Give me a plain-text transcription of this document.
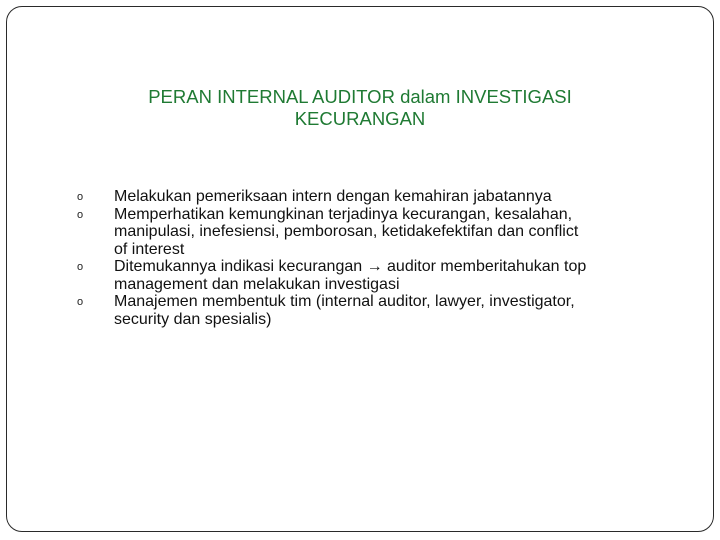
PERAN INTERNAL AUDITOR dalam INVESTIGASI
KECURANGAN
o Melakukan pemeriksaan intern dengan kemahiran jabatannya
o Memperhatikan kemungkinan terjadinya kecurangan, kesalahan,
manipulasi, inefesiensi, pemborosan, ketidakefektifan dan conflict
of interest
o Ditemukannya indikasi kecurangan → auditor memberitahukan top
management dan melakukan investigasi
o Manajemen membentuk tim (internal auditor, lawyer, investigator,
security dan spesialis)
